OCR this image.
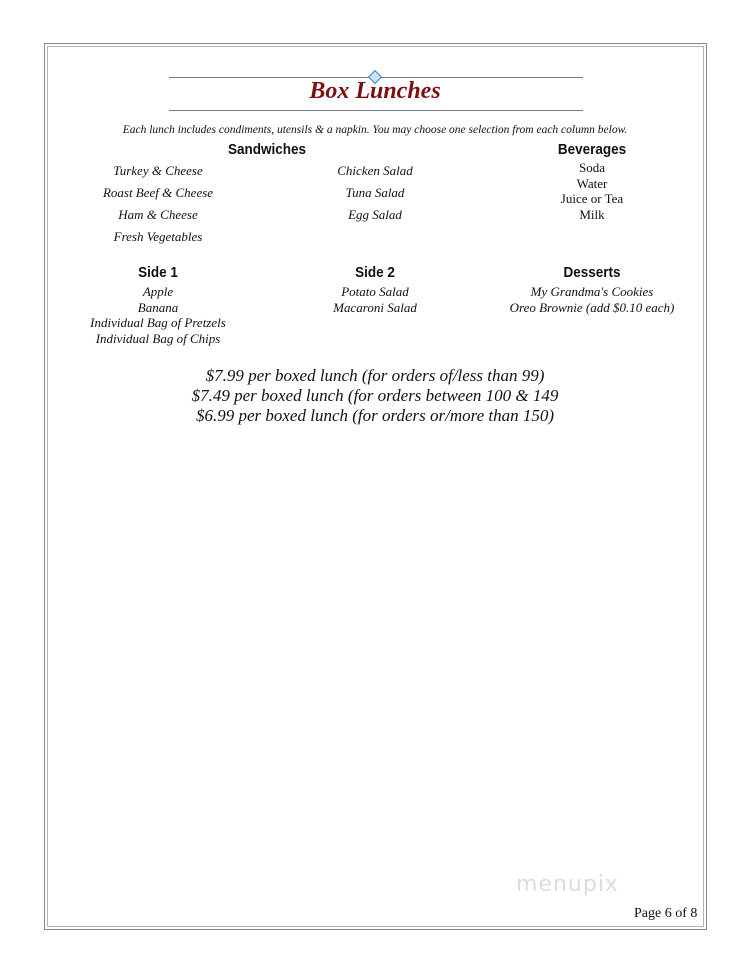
Box Lunches
Each lunch includes condiments, utensils & a napkin. You may choose one selection from each column below.
Sandwiches
Turkey & Cheese
Roast Beef & Cheese
Ham & Cheese
Fresh Vegetables
Chicken Salad
Tuna Salad
Egg Salad
Beverages
Soda
Water
Juice or Tea
Milk
Side 1
Apple
Banana
Individual Bag of Pretzels
Individual Bag of Chips
Side 2
Potato Salad
Macaroni Salad
Desserts
My Grandma's Cookies
Oreo Brownie (add $0.10 each)
$7.99 per boxed lunch (for orders of/less than 99)
$7.49 per boxed lunch (for orders between 100 & 149
$6.99 per boxed lunch (for orders or/more than 150)
menupix
Page 6 of 8
